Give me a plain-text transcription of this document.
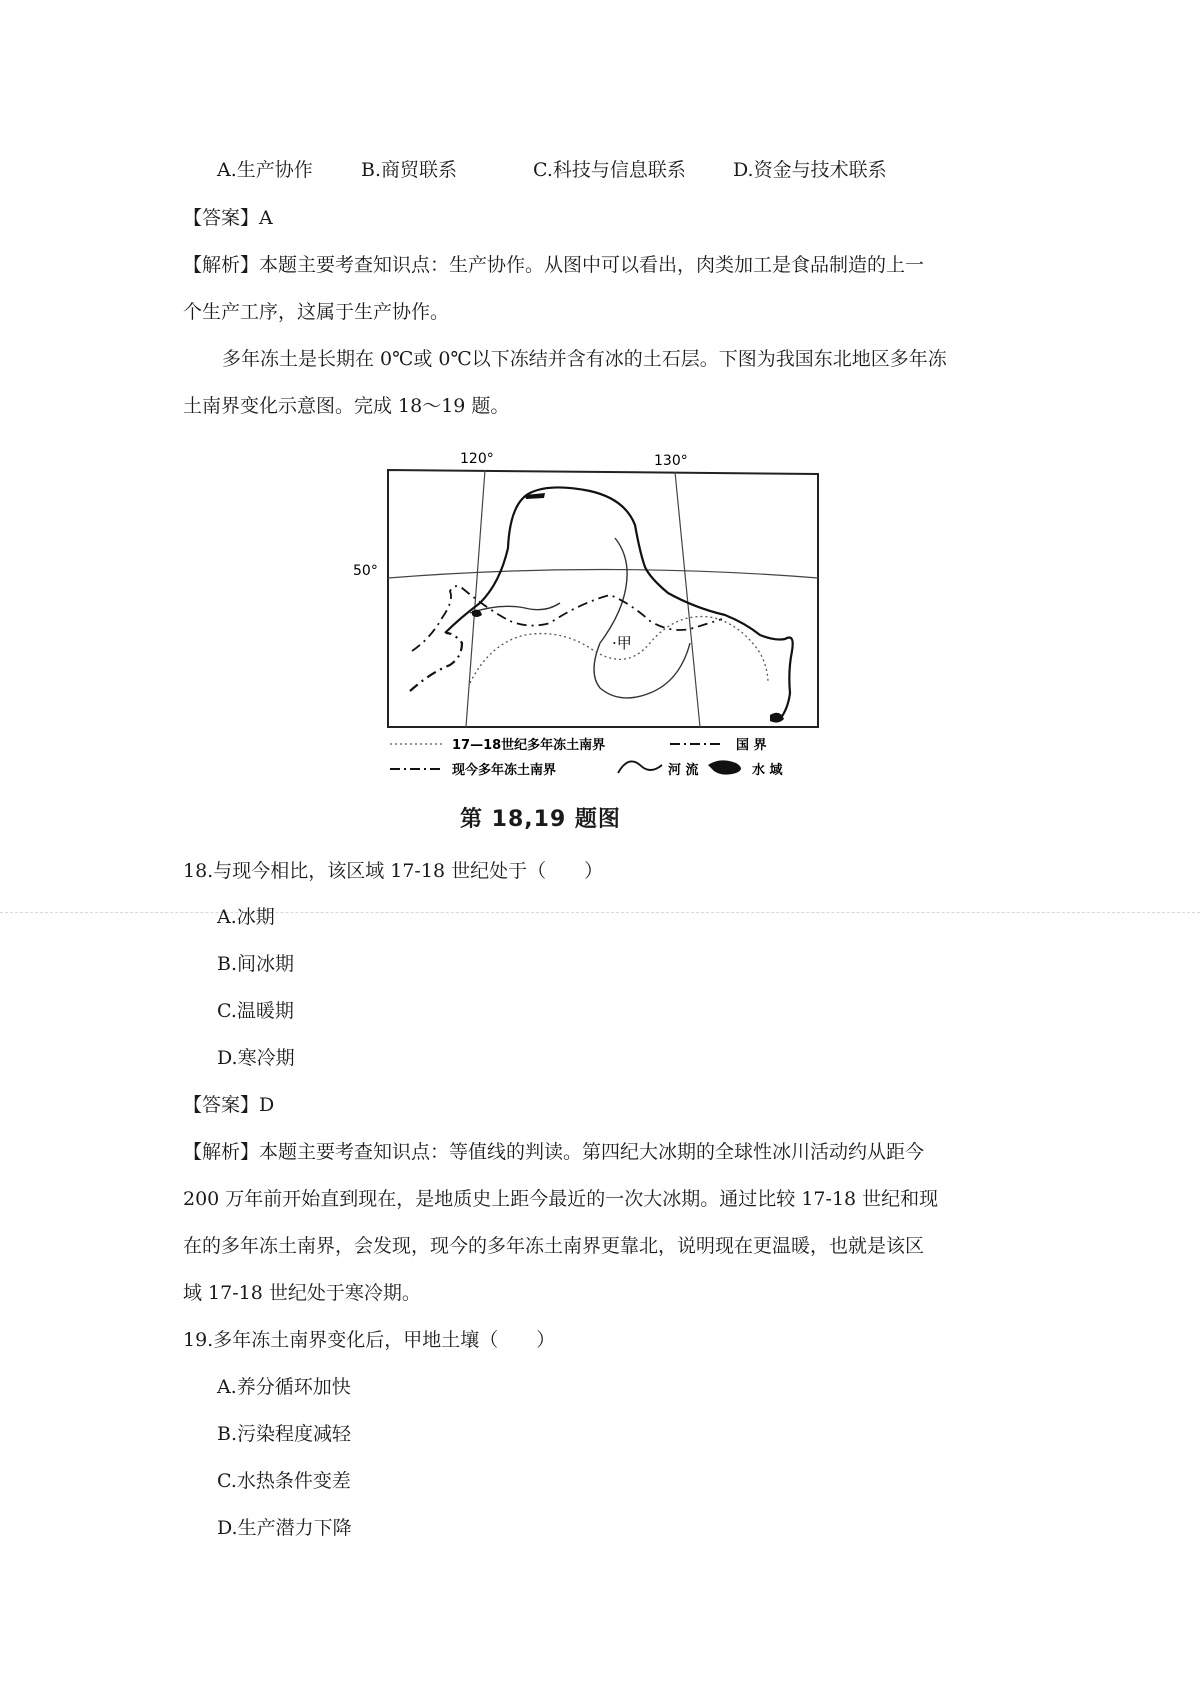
A.生产协作	B.商贸联系	C.科技与信息联系 D.资金与技术联系
【答案】A
【解析】本题主要考查知识点：生产协作。从图中可以看出，肉类加工是食品制造的上一
个生产工序，这属于生产协作。
多年冻土是长期在 0℃或 0℃以下冻结并含有冰的土石层。下图为我国东北地区多年冻
土南界变化示意图。完成 18～19 题。
120°	130°
50°
·甲
17—18世纪多年冻土南界	国 界
现今多年冻土南界	河 流	水 域
第 18,19 题图
18.与现今相比，该区域 17-18 世纪处于（　　）
A.冰期
B.间冰期
C.温暖期
D.寒冷期
【答案】D
【解析】本题主要考查知识点：等值线的判读。第四纪大冰期的全球性冰川活动约从距今
200 万年前开始直到现在，是地质史上距今最近的一次大冰期。通过比较 17-18 世纪和现
在的多年冻土南界，会发现，现今的多年冻土南界更靠北，说明现在更温暖，也就是该区
域 17-18 世纪处于寒冷期。
19.多年冻土南界变化后，甲地土壤（　　）
A.养分循环加快
B.污染程度减轻
C.水热条件变差
D.生产潜力下降
